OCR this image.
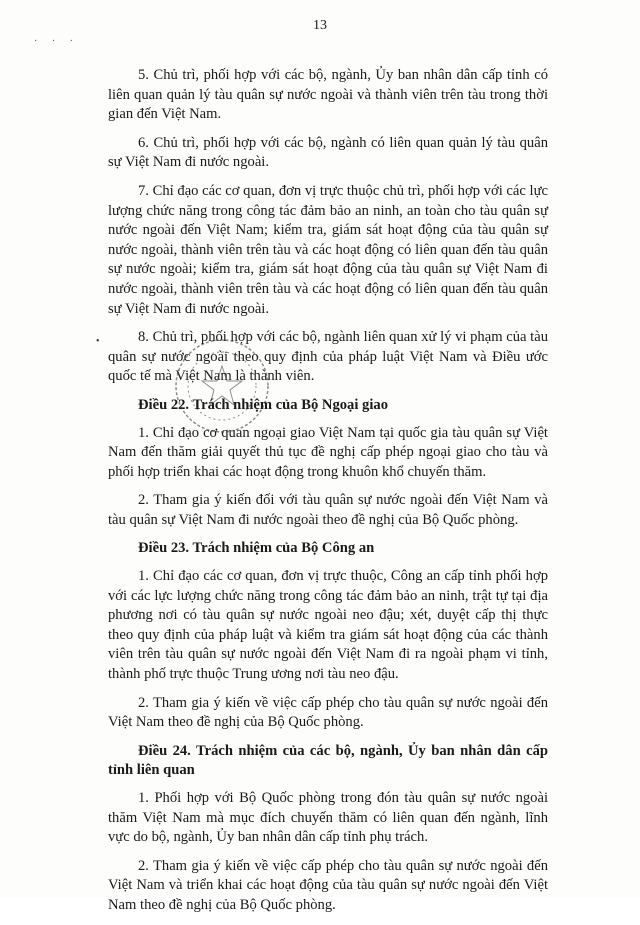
· · ·
13

5. Chủ trì, phối hợp với các bộ, ngành, Ủy ban nhân dân cấp tỉnh có liên quan quản lý tàu quân sự nước ngoài và thành viên trên tàu trong thời gian đến Việt Nam.

6. Chủ trì, phối hợp với các bộ, ngành có liên quan quản lý tàu quân sự Việt Nam đi nước ngoài.

7. Chỉ đạo các cơ quan, đơn vị trực thuộc chủ trì, phối hợp với các lực lượng chức năng trong công tác đảm bảo an ninh, an toàn cho tàu quân sự nước ngoài đến Việt Nam; kiểm tra, giám sát hoạt động của tàu quân sự nước ngoài, thành viên trên tàu và các hoạt động có liên quan đến tàu quân sự nước ngoài; kiểm tra, giám sát hoạt động của tàu quân sự Việt Nam đi nước ngoài, thành viên trên tàu và các hoạt động có liên quan đến tàu quân sự Việt Nam đi nước ngoài.

8. Chủ trì, phối hợp với các bộ, ngành liên quan xử lý vi phạm của tàu quân sự nước ngoài theo quy định của pháp luật Việt Nam và Điều ước quốc tế mà Việt Nam là thành viên.

Điều 22. Trách nhiệm của Bộ Ngoại giao

1. Chỉ đạo cơ quan ngoại giao Việt Nam tại quốc gia tàu quân sự Việt Nam đến thăm giải quyết thủ tục đề nghị cấp phép ngoại giao cho tàu và phối hợp triển khai các hoạt động trong khuôn khổ chuyến thăm.

2. Tham gia ý kiến đối với tàu quân sự nước ngoài đến Việt Nam và tàu quân sự Việt Nam đi nước ngoài theo đề nghị của Bộ Quốc phòng.

Điều 23. Trách nhiệm của Bộ Công an

1. Chỉ đạo các cơ quan, đơn vị trực thuộc, Công an cấp tỉnh phối hợp với các lực lượng chức năng trong công tác đảm bảo an ninh, trật tự tại địa phương nơi có tàu quân sự nước ngoài neo đậu; xét, duyệt cấp thị thực theo quy định của pháp luật và kiểm tra giám sát hoạt động của các thành viên trên tàu quân sự nước ngoài đến Việt Nam đi ra ngoài phạm vi tỉnh, thành phố trực thuộc Trung ương nơi tàu neo đậu.

2. Tham gia ý kiến về việc cấp phép cho tàu quân sự nước ngoài đến Việt Nam theo đề nghị của Bộ Quốc phòng.

Điều 24. Trách nhiệm của các bộ, ngành, Ủy ban nhân dân cấp tỉnh liên quan

1. Phối hợp với Bộ Quốc phòng trong đón tàu quân sự nước ngoài thăm Việt Nam mà mục đích chuyến thăm có liên quan đến ngành, lĩnh vực do bộ, ngành, Ủy ban nhân dân cấp tỉnh phụ trách.

2. Tham gia ý kiến về việc cấp phép cho tàu quân sự nước ngoài đến Việt Nam và triển khai các hoạt động của tàu quân sự nước ngoài đến Việt Nam theo đề nghị của Bộ Quốc phòng.

•
